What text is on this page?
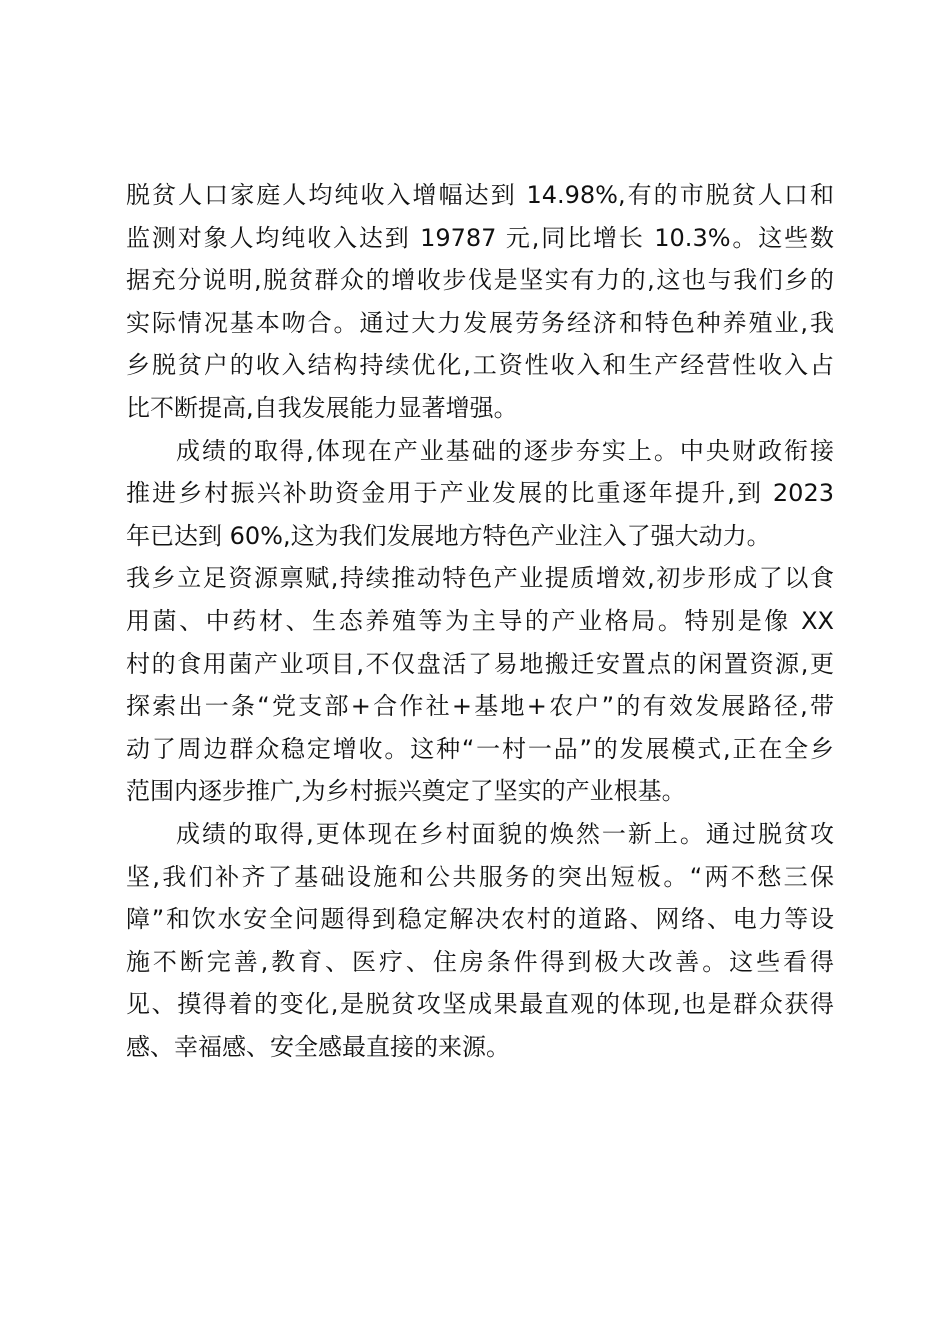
脱贫人口家庭人均纯收入增幅达到 14.98%,有的市脱贫人口和
监测对象人均纯收入达到 19787 元,同比增长 10.3%。这些数
据充分说明,脱贫群众的增收步伐是坚实有力的,这也与我们乡的
实际情况基本吻合。通过大力发展劳务经济和特色种养殖业,我
乡脱贫户的收入结构持续优化,工资性收入和生产经营性收入占
比不断提高,自我发展能力显著增强。
成绩的取得,体现在产业基础的逐步夯实上。中央财政衔接
推进乡村振兴补助资金用于产业发展的比重逐年提升,到 2023
年已达到 60%,这为我们发展地方特色产业注入了强大动力。
我乡立足资源禀赋,持续推动特色产业提质增效,初步形成了以食
用菌、中药材、生态养殖等为主导的产业格局。特别是像 XX
村的食用菌产业项目,不仅盘活了易地搬迁安置点的闲置资源,更
探索出一条“党支部+合作社+基地+农户”的有效发展路径,带
动了周边群众稳定增收。这种“一村一品”的发展模式,正在全乡
范围内逐步推广,为乡村振兴奠定了坚实的产业根基。
成绩的取得,更体现在乡村面貌的焕然一新上。通过脱贫攻
坚,我们补齐了基础设施和公共服务的突出短板。“两不愁三保
障”和饮水安全问题得到稳定解决农村的道路、网络、电力等设
施不断完善,教育、医疗、住房条件得到极大改善。这些看得
见、摸得着的变化,是脱贫攻坚成果最直观的体现,也是群众获得
感、幸福感、安全感最直接的来源。
